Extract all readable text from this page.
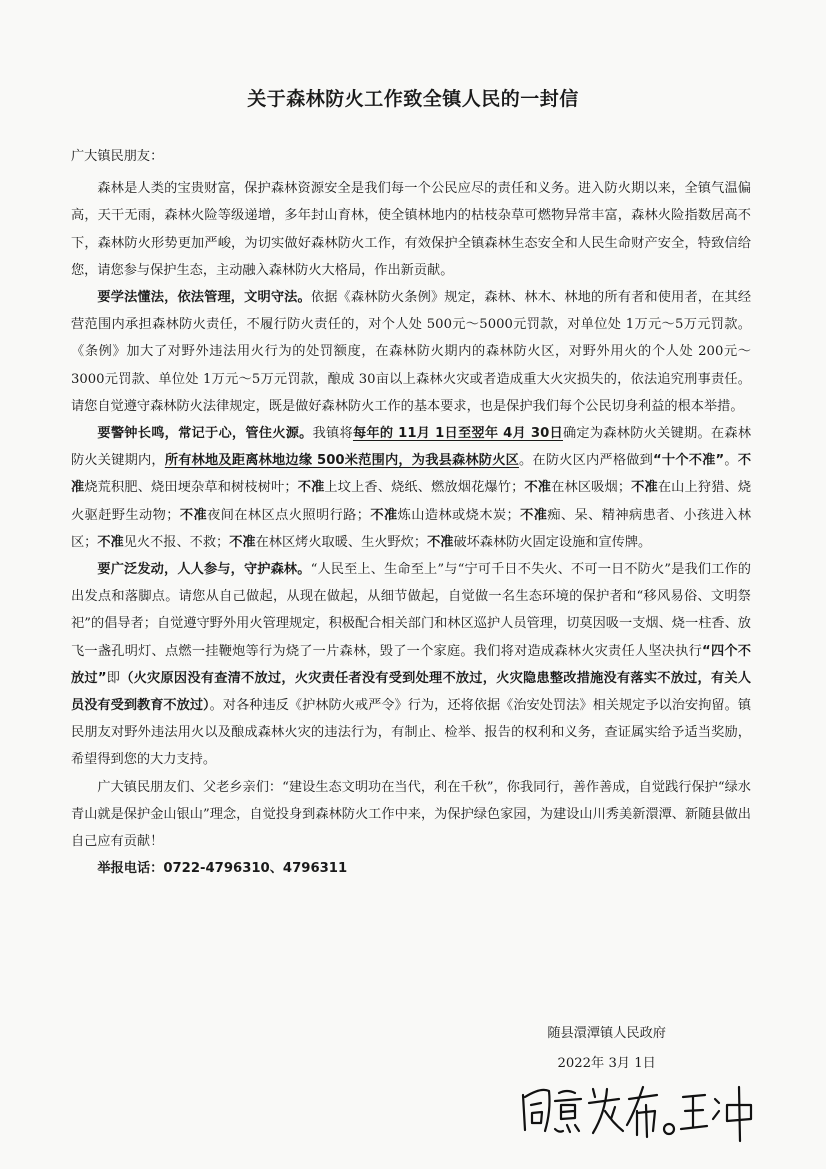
关于森林防火工作致全镇人民的一封信

广大镇民朋友：

森林是人类的宝贵财富，保护森林资源安全是我们每一个公民应尽的责任和义务。进入防火期以来，全镇气温偏高，天干无雨，森林火险等级递增，多年封山育林，使全镇林地内的枯枝杂草可燃物异常丰富，森林火险指数居高不下，森林防火形势更加严峻，为切实做好森林防火工作，有效保护全镇森林生态安全和人民生命财产安全，特致信给您，请您参与保护生态，主动融入森林防火大格局，作出新贡献。

要学法懂法，依法管理，文明守法。依据《森林防火条例》规定，森林、林木、林地的所有者和使用者，在其经营范围内承担森林防火责任，不履行防火责任的，对个人处 500元～5000元罚款，对单位处 1万元～5万元罚款。《条例》加大了对野外违法用火行为的处罚额度，在森林防火期内的森林防火区，对野外用火的个人处 200元～3000元罚款、单位处 1万元～5万元罚款，酿成 30亩以上森林火灾或者造成重大火灾损失的，依法追究刑事责任。请您自觉遵守森林防火法律规定，既是做好森林防火工作的基本要求，也是保护我们每个公民切身利益的根本举措。

要警钟长鸣，常记于心，管住火源。我镇将每年的 11月 1日至翌年 4月 30日确定为森林防火关键期。在森林防火关键期内，所有林地及距离林地边缘 500米范围内，为我县森林防火区。在防火区内严格做到“十个不准”。不准烧荒积肥、烧田埂杂草和树枝树叶；不准上坟上香、烧纸、燃放烟花爆竹；不准在林区吸烟；不准在山上狩猎、烧火驱赶野生动物；不准夜间在林区点火照明行路；不准炼山造林或烧木炭；不准痴、呆、精神病患者、小孩进入林区；不准见火不报、不救；不准在林区烤火取暖、生火野炊；不准破坏森林防火固定设施和宣传牌。

要广泛发动，人人参与，守护森林。“人民至上、生命至上”与“宁可千日不失火、不可一日不防火”是我们工作的出发点和落脚点。请您从自己做起，从现在做起，从细节做起，自觉做一名生态环境的保护者和“移风易俗、文明祭祀”的倡导者；自觉遵守野外用火管理规定，积极配合相关部门和林区巡护人员管理，切莫因吸一支烟、烧一柱香、放飞一盏孔明灯、点燃一挂鞭炮等行为烧了一片森林，毁了一个家庭。我们将对造成森林火灾责任人坚决执行“四个不放过”即（火灾原因没有查清不放过，火灾责任者没有受到处理不放过，火灾隐患整改措施没有落实不放过，有关人员没有受到教育不放过）。对各种违反《护林防火戒严令》行为，还将依据《治安处罚法》相关规定予以治安拘留。镇民朋友对野外违法用火以及酿成森林火灾的违法行为，有制止、检举、报告的权利和义务，查证属实给予适当奖励，希望得到您的大力支持。

广大镇民朋友们、父老乡亲们：“建设生态文明功在当代，利在千秋”，你我同行，善作善成，自觉践行保护“绿水青山就是保护金山银山”理念，自觉投身到森林防火工作中来，为保护绿色家园，为建设山川秀美新澴潭、新随县做出自己应有贡献！

举报电话：0722-4796310、4796311

随县澴潭镇人民政府
2022年 3月 1日
